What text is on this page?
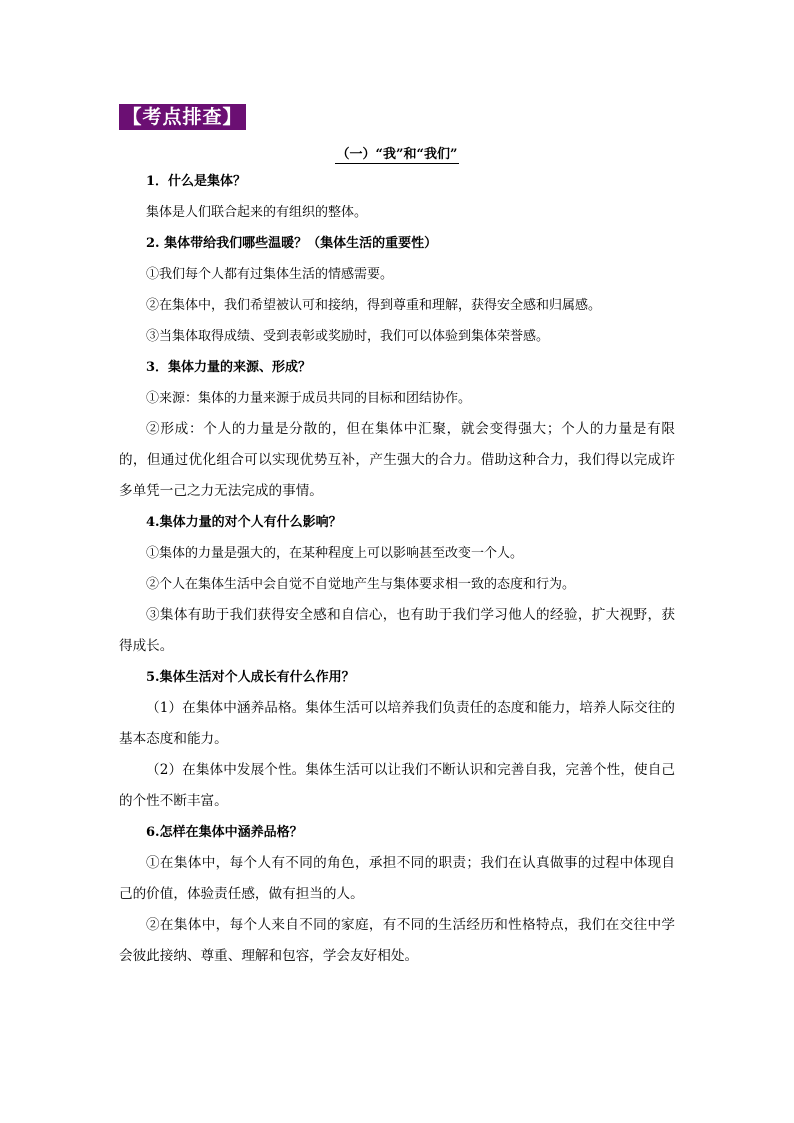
【考点排查】
（一）“我”和“我们”
1．什么是集体？
集体是人们联合起来的有组织的整体。
2. 集体带给我们哪些温暖？（集体生活的重要性）
①我们每个人都有过集体生活的情感需要。
②在集体中，我们希望被认可和接纳，得到尊重和理解，获得安全感和归属感。
③当集体取得成绩、受到表彰或奖励时，我们可以体验到集体荣誉感。
3．集体力量的来源、形成？
①来源：集体的力量来源于成员共同的目标和团结协作。
②形成：个人的力量是分散的，但在集体中汇聚，就会变得强大；个人的力量是有限的，但通过优化组合可以实现优势互补，产生强大的合力。借助这种合力，我们得以完成许多单凭一己之力无法完成的事情。
4.集体力量的对个人有什么影响？
①集体的力量是强大的，在某种程度上可以影响甚至改变一个人。
②个人在集体生活中会自觉不自觉地产生与集体要求相一致的态度和行为。
③集体有助于我们获得安全感和自信心，也有助于我们学习他人的经验，扩大视野，获得成长。
5.集体生活对个人成长有什么作用？
（1）在集体中涵养品格。集体生活可以培养我们负责任的态度和能力，培养人际交往的基本态度和能力。
（2）在集体中发展个性。集体生活可以让我们不断认识和完善自我，完善个性，使自己的个性不断丰富。
6.怎样在集体中涵养品格？
①在集体中，每个人有不同的角色，承担不同的职责；我们在认真做事的过程中体现自己的价值，体验责任感，做有担当的人。
②在集体中，每个人来自不同的家庭，有不同的生活经历和性格特点，我们在交往中学会彼此接纳、尊重、理解和包容，学会友好相处。
